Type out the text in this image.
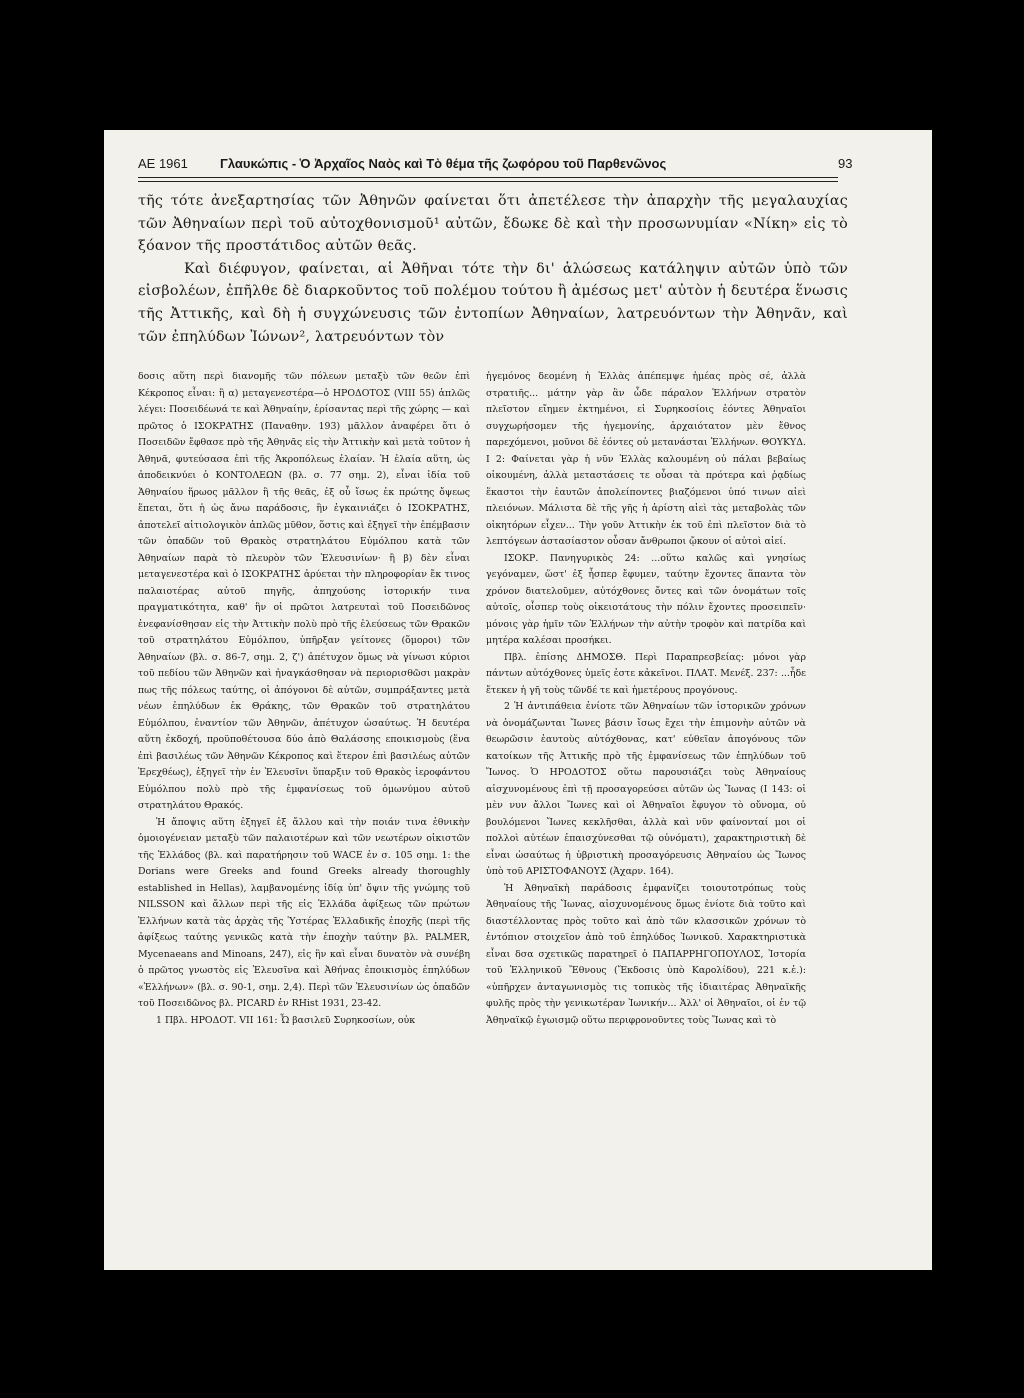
ΑΕ 1961	Γλαυκώπις - Ὁ Ἀρχαῖος Ναὸς καὶ Τὸ θέμα τῆς ζωφόρου τοῦ Παρθενῶνος	93

τῆς τότε ἀνεξαρτησίας τῶν Ἀθηνῶν φαίνεται ὅτι ἀπετέλεσε τὴν ἀπαρχὴν τῆς μεγαλαυχίας τῶν Ἀθηναίων περὶ τοῦ αὐτοχθονισμοῦ¹ αὐτῶν, ἔδωκε δὲ καὶ τὴν προσωνυμίαν «Νίκη» εἰς τὸ ξόανον τῆς προστάτιδος αὐτῶν θεᾶς.

Καὶ διέφυγον, φαίνεται, αἱ Ἀθῆναι τότε τὴν δι' ἁλώσεως κατάληψιν αὐτῶν ὑπὸ τῶν εἰσβολέων, ἐπῆλθε δὲ διαρκοῦντος τοῦ πολέμου τούτου ἢ ἀμέσως μετ' αὐτὸν ἡ δευτέρα ἕνωσις τῆς Ἀττικῆς, καὶ δὴ ἡ συγχώνευσις τῶν ἐντοπίων Ἀθηναίων, λατρευόντων τὴν Ἀθηνᾶν, καὶ τῶν ἐπηλύδων Ἰώνων², λατρευόντων τὸν

δοσις αὕτη περὶ διανομῆς τῶν πόλεων μεταξὺ τῶν θεῶν ἐπὶ Κέκροπος εἶναι: ἢ α) μεταγενεστέρα—ὁ ΗΡΟΔΟΤΟΣ (VIII 55) ἁπλῶς λέγει: Ποσειδέωνά τε καὶ Ἀθηναίην, ἐρίσαντας περὶ τῆς χώρης — καὶ πρῶτος ὁ ΙΣΟΚΡΑΤΗΣ (Παναθην. 193) μᾶλλον ἀναφέρει ὅτι ὁ Ποσειδῶν ἔφθασε πρὸ τῆς Ἀθηνᾶς εἰς τὴν Ἀττικὴν καὶ μετὰ τοῦτον ἡ Ἀθηνᾶ, φυτεύσασα ἐπὶ τῆς Ἀκροπόλεως ἐλαίαν. Ἡ ἐλαία αὕτη, ὡς ἀποδεικνύει ὁ ΚΟΝΤΟΛΕΩΝ (βλ. σ. 77 σημ. 2), εἶναι ἰδία τοῦ Ἀθηναίου ἥρωος μᾶλλον ἢ τῆς θεᾶς, ἐξ οὗ ἴσως ἐκ πρώτης ὄψεως ἕπεται, ὅτι ἡ ὡς ἄνω παράδοσις, ἣν ἐγκαινιάζει ὁ ΙΣΟΚΡΑΤΗΣ, ἀποτελεῖ αἰτιολογικὸν ἁπλῶς μῦθον, ὅστις καὶ ἐξηγεῖ τὴν ἐπέμβασιν τῶν ὀπαδῶν τοῦ Θρακὸς στρατηλάτου Εὐμόλπου κατὰ τῶν Ἀθηναίων παρὰ τὸ πλευρὸν τῶν Ἐλευσινίων· ἢ β) δὲν εἶναι μεταγενεστέρα καὶ ὁ ΙΣΟΚΡΑΤΗΣ ἀρύεται τὴν πληροφορίαν ἔκ τινος παλαιοτέρας αὐτοῦ πηγῆς, ἀπηχούσης ἱστορικήν τινα πραγματικότητα, καθ' ἣν οἱ πρῶτοι λατρευταὶ τοῦ Ποσειδῶνος ἐνεφανίσθησαν εἰς τὴν Ἀττικὴν πολὺ πρὸ τῆς ἐλεύσεως τῶν Θρακῶν τοῦ στρατηλάτου Εὐμόλπου, ὑπῆρξαν γείτονες (ὅμοροι) τῶν Ἀθηναίων (βλ. σ. 86-7, σημ. 2, ζ') ἀπέτυχον ὅμως νὰ γίνωσι κύριοι τοῦ πεδίου τῶν Ἀθηνῶν καὶ ἠναγκάσθησαν νὰ περιορισθῶσι μακρὰν πως τῆς πόλεως ταύτης, οἱ ἀπόγονοι δὲ αὐτῶν, συμπράξαντες μετὰ νέων ἐπηλύδων ἐκ Θράκης, τῶν Θρακῶν τοῦ στρατηλάτου Εὐμόλπου, ἐναντίον τῶν Ἀθηνῶν, ἀπέτυχον ὡσαύτως. Ἡ δευτέρα αὕτη ἐκδοχή, προϋποθέτουσα δύο ἀπὸ Θαλάσσης εποικισμοὺς (ἕνα ἐπὶ βασιλέως τῶν Ἀθηνῶν Κέκροπος καὶ ἕτερον ἐπὶ βασιλέως αὐτῶν Ἐρεχθέως), ἐξηγεῖ τὴν ἐν Ἐλευσῖνι ὕπαρξιν τοῦ Θρακὸς ἱεροφάντου Εὐμόλπου πολὺ πρὸ τῆς ἐμφανίσεως τοῦ ὁμωνύμου αὐτοῦ στρατηλάτου Θρακός.

Ἡ ἄποψις αὕτη ἐξηγεῖ ἐξ ἄλλου καὶ τὴν ποιάν τινα ἐθνικὴν ὁμοιογένειαν μεταξὺ τῶν παλαιοτέρων καὶ τῶν νεωτέρων οἰκιστῶν τῆς Ἑλλάδος (βλ. καὶ παρατήρησιν τοῦ WACE ἐν σ. 105 σημ. 1: the Dorians were Greeks and found Greeks already thoroughly established in Hellas), λαμβανομένης ἰδίᾳ ὑπ' ὄψιν τῆς γνώμης τοῦ NILSSON καὶ ἄλλων περὶ τῆς εἰς Ἑλλάδα ἀφίξεως τῶν πρώτων Ἑλλήνων κατὰ τὰς ἀρχὰς τῆς Ὑστέρας Ἑλλαδικῆς ἐποχῆς (περὶ τῆς ἀφίξεως ταύτης γενικῶς κατὰ τὴν ἐποχὴν ταύτην βλ. PALMER, Mycenaeans and Minoans, 247), εἰς ἣν καὶ εἶναι δυνατὸν νὰ συνέβη ὁ πρῶτος γνωστὸς εἰς Ἐλευσῖνα καὶ Ἀθήνας ἐποικισμὸς ἐπηλύδων «Ἑλλήνων» (βλ. σ. 90-1, σημ. 2,4). Περὶ τῶν Ἐλευσινίων ὡς ὀπαδῶν τοῦ Ποσειδῶνος βλ. PICARD ἐν RHist 1931, 23-42.

1 Πβλ. ΗΡΟΔΟΤ. VII 161: Ὦ βασιλεῦ Συρηκοσίων, οὐκ

ἡγεμόνος δεομένη ἡ Ἑλλὰς ἀπέπεμψε ἡμέας πρὸς σέ, ἀλλὰ στρατιῆς... μάτην γὰρ ἂν ὧδε πάραλον Ἑλλήνων στρατὸν πλεῖστον εἴημεν ἐκτημένοι, εἰ Συρηκοσίοις ἐόντες Ἀθηναῖοι συγχωρήσομεν τῆς ἡγεμονίης, ἀρχαιότατον μὲν ἔθνος παρεχόμενοι, μοῦνοι δὲ ἐόντες οὐ μετανάσται Ἑλλήνων. ΘΟΥΚΥΔ. Ι 2: Φαίνεται γὰρ ἡ νῦν Ἑλλὰς καλουμένη οὐ πάλαι βεβαίως οἰκουμένη, ἀλλὰ μεταστάσεις τε οὖσαι τὰ πρότερα καὶ ῥᾳδίως ἕκαστοι τὴν ἑαυτῶν ἀπολείποντες βιαζόμενοι ὑπό τινων αἰεὶ πλειόνων. Μάλιστα δὲ τῆς γῆς ἡ ἀρίστη αἰεὶ τὰς μεταβολὰς τῶν οἰκητόρων εἶχεν... Τὴν γοῦν Ἀττικὴν ἐκ τοῦ ἐπὶ πλεῖστον διὰ τὸ λεπτόγεων ἀστασίαστον οὖσαν ἄνθρωποι ᾤκουν οἱ αὐτοὶ αἰεί.

ΙΣΟΚΡ. Πανηγυρικὸς 24: ...οὕτω καλῶς καὶ γνησίως γεγόναμεν, ὥστ' ἐξ ἧσπερ ἔφυμεν, ταύτην ἔχοντες ἅπαντα τὸν χρόνον διατελοῦμεν, αὐτόχθονες ὄντες καὶ τῶν ὀνομάτων τοῖς αὐτοῖς, οἷσπερ τοὺς οἰκειοτάτους τὴν πόλιν ἔχοντες προσειπεῖν· μόνοις γὰρ ἡμῖν τῶν Ἑλλήνων τὴν αὐτὴν τροφὸν καὶ πατρίδα καὶ μητέρα καλέσαι προσήκει.

Πβλ. ἐπίσης ΔΗΜΟΣΘ. Περὶ Παραπρεσβείας: μόνοι γὰρ πάντων αὐτόχθονες ὑμεῖς ἐστε κἀκεῖνοι. ΠΛΑΤ. Μενέξ. 237: ...ἦδε ἔτεκεν ἡ γῆ τοὺς τῶνδέ τε καὶ ἡμετέρους προγόνους.

2 Ἡ ἀντιπάθεια ἐνίοτε τῶν Ἀθηναίων τῶν ἱστορικῶν χρόνων νὰ ὀνομάζωνται Ἴωνες βάσιν ἴσως ἔχει τὴν ἐπιμονὴν αὐτῶν νὰ θεωρῶσιν ἑαυτοὺς αὐτόχθονας, κατ' εὐθεῖαν ἀπογόνους τῶν κατοίκων τῆς Ἀττικῆς πρὸ τῆς ἐμφανίσεως τῶν ἐπηλύδων τοῦ Ἴωνος. Ὁ ΗΡΟΔΟΤΟΣ οὕτω παρουσιάζει τοὺς Ἀθηναίους αἰσχυνομένους ἐπὶ τῇ προσαγορεύσει αὐτῶν ὡς Ἴωνας (Ι 143: οἱ μὲν νυν ἄλλοι Ἴωνες καὶ οἱ Ἀθηναῖοι ἔφυγον τὸ οὔνομα, οὐ βουλόμενοι Ἴωνες κεκλῆσθαι, ἀλλὰ καὶ νῦν φαίνονταί μοι οἱ πολλοὶ αὐτέων ἐπαισχύνεσθαι τῷ οὐνόματι), χαρακτηριστικὴ δὲ εἶναι ὡσαύτως ἡ ὑβριστικὴ προσαγόρευσις Ἀθηναίου ὡς Ἴωνος ὑπὸ τοῦ ΑΡΙΣΤΟΦΑΝΟΥΣ (Ἀχαρν. 164).

Ἡ Ἀθηναϊκὴ παράδοσις ἐμφανίζει τοιουτοτρόπως τοὺς Ἀθηναίους τῆς Ἴωνας, αἰσχυνομένους ὅμως ἐνίοτε διὰ τοῦτο καὶ διαστέλλοντας πρὸς τοῦτο καὶ ἀπὸ τῶν κλασσικῶν χρόνων τὸ ἐντόπιον στοιχεῖον ἀπὸ τοῦ ἐπηλύδος Ἰωνικοῦ. Χαρακτηριστικὰ εἶναι δσα σχετικῶς παρατηρεῖ ὁ ΠΑΠΑΡΡΗΓΟΠΟΥΛΟΣ, Ἱστορία τοῦ Ἑλληνικοῦ Ἔθνους (Ἔκδοσις ὑπὸ Καρολίδου), 221 κ.ἑ.): «ὑπῆρχεν ἀνταγωνισμὸς τις τοπικὸς τῆς ἰδιαιτέρας Ἀθηναϊκῆς φυλῆς πρὸς τὴν γενικωτέραν Ἰωνικήν... Ἀλλ' οἱ Ἀθηναῖοι, οἱ ἐν τῷ Ἀθηναϊκῷ ἐγωισμῷ οὕτω περιφρονοῦντες τοὺς Ἴωνας καὶ τὸ
